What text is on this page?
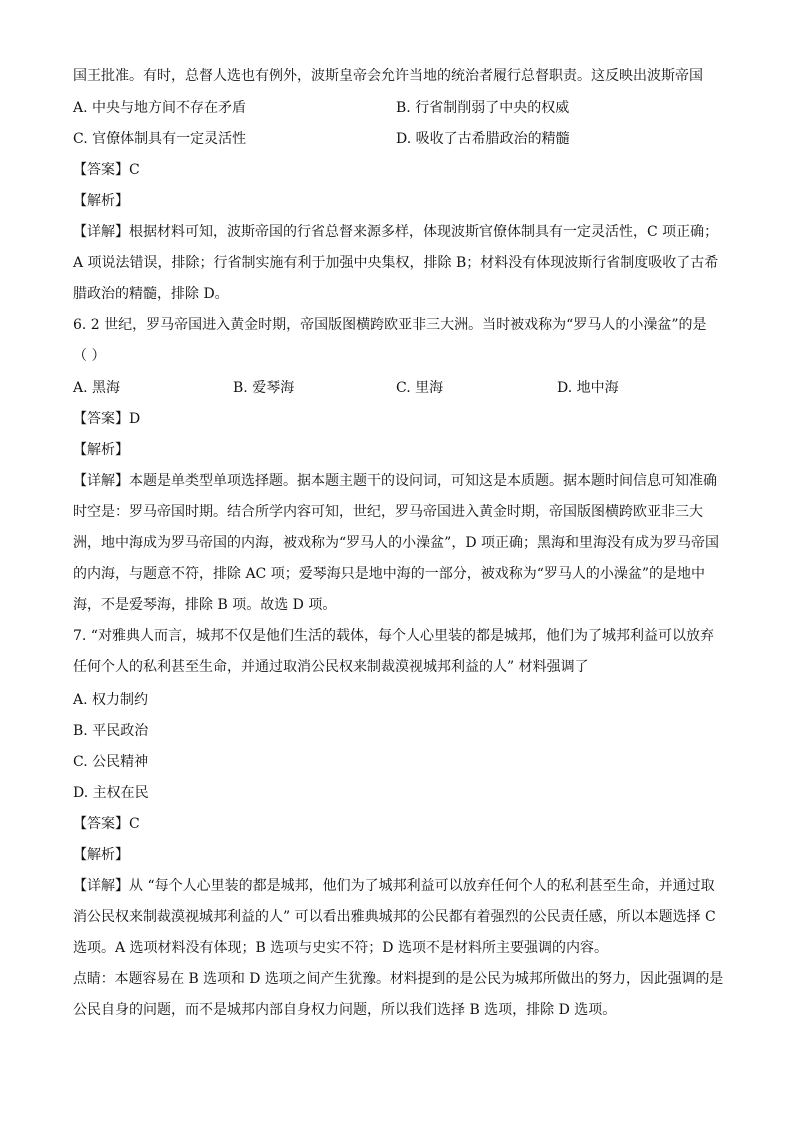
国王批准。有时，总督人选也有例外，波斯皇帝会允许当地的统治者履行总督职责。这反映出波斯帝国
A. 中央与地方间不存在矛盾	B. 行省制削弱了中央的权威
C. 官僚体制具有一定灵活性	D. 吸收了古希腊政治的精髓
【答案】C
【解析】
【详解】根据材料可知，波斯帝国的行省总督来源多样，体现波斯官僚体制具有一定灵活性，C 项正确；
A 项说法错误，排除；行省制实施有利于加强中央集权，排除 B；材料没有体现波斯行省制度吸收了古希
腊政治的精髓，排除 D。
6. 2 世纪，罗马帝国进入黄金时期，帝国版图横跨欧亚非三大洲。当时被戏称为“罗马人的小澡盆”的是
（ ）
A. 黑海	B. 爱琴海	C. 里海	D. 地中海
【答案】D
【解析】
【详解】本题是单类型单项选择题。据本题主题干的设问词，可知这是本质题。据本题时间信息可知准确
时空是：罗马帝国时期。结合所学内容可知，世纪，罗马帝国进入黄金时期，帝国版图横跨欧亚非三大
洲，地中海成为罗马帝国的内海，被戏称为“罗马人的小澡盆”，D 项正确；黑海和里海没有成为罗马帝国
的内海，与题意不符，排除 AC 项；爱琴海只是地中海的一部分，被戏称为“罗马人的小澡盆”的是地中
海，不是爱琴海，排除 B 项。故选 D 项。
7. “对雅典人而言，城邦不仅是他们生活的载体，每个人心里装的都是城邦，他们为了城邦利益可以放弃
任何个人的私利甚至生命，并通过取消公民权来制裁漠视城邦利益的人” 材料强调了
A. 权力制约
B. 平民政治
C. 公民精神
D. 主权在民
【答案】C
【解析】
【详解】从 “每个人心里装的都是城邦，他们为了城邦利益可以放弃任何个人的私利甚至生命，并通过取
消公民权来制裁漠视城邦利益的人” 可以看出雅典城邦的公民都有着强烈的公民责任感，所以本题选择 C
选项。A 选项材料没有体现；B 选项与史实不符；D 选项不是材料所主要强调的内容。
点睛：本题容易在 B 选项和 D 选项之间产生犹豫。材料提到的是公民为城邦所做出的努力，因此强调的是
公民自身的问题，而不是城邦内部自身权力问题，所以我们选择 B 选项，排除 D 选项。
